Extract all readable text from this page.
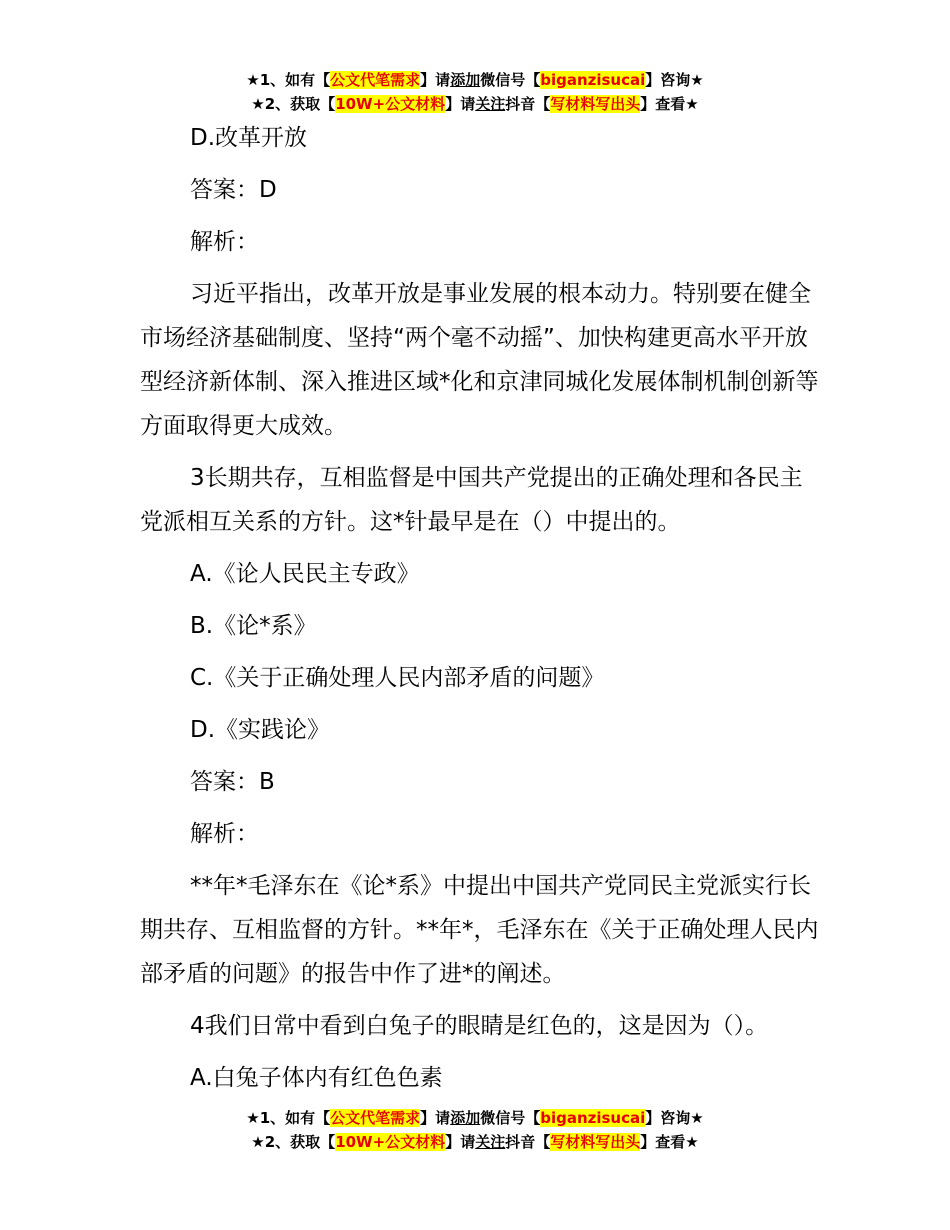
★1、如有【公文代笔需求】请添加微信号【biganzisucai】咨询★
★2、获取【10W+公文材料】请关注抖音【写材料写出头】查看★

D.改革开放

答案：D

解析：

习近平指出，改革开放是事业发展的根本动力。特别要在健全市场经济基础制度、坚持“两个毫不动摇”、加快构建更高水平开放型经济新体制、深入推进区域*化和京津同城化发展体制机制创新等方面取得更大成效。

3长期共存，互相监督是中国共产党提出的正确处理和各民主党派相互关系的方针。这*针最早是在（）中提出的。

A.《论人民民主专政》

B.《论*系》

C.《关于正确处理人民内部矛盾的问题》

D.《实践论》

答案：B

解析：

**年*毛泽东在《论*系》中提出中国共产党同民主党派实行长期共存、互相监督的方针。**年*，毛泽东在《关于正确处理人民内部矛盾的问题》的报告中作了进*的阐述。

4我们日常中看到白兔子的眼睛是红色的，这是因为（）。

A.白兔子体内有红色色素

★1、如有【公文代笔需求】请添加微信号【biganzisucai】咨询★
★2、获取【10W+公文材料】请关注抖音【写材料写出头】查看★
